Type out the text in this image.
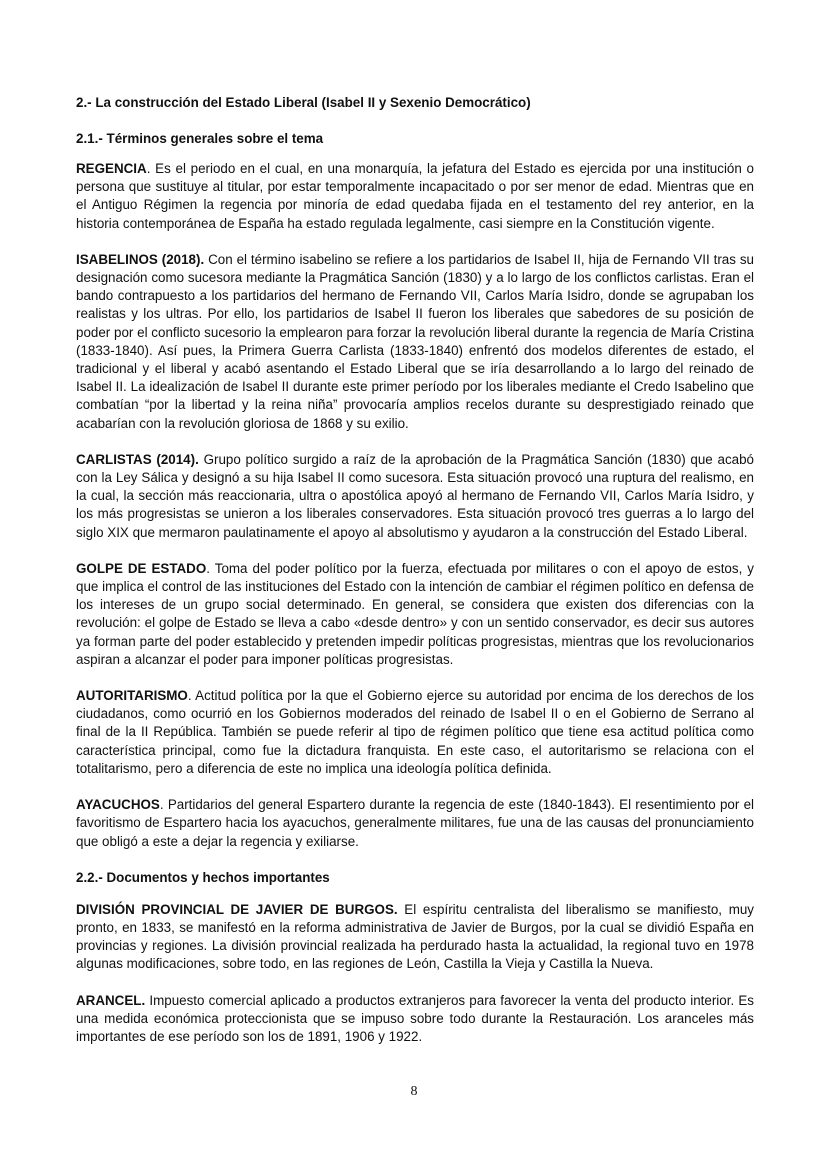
2.- La construcción del Estado Liberal (Isabel II y Sexenio Democrático)

2.1.- Términos generales sobre el tema

REGENCIA. Es el periodo en el cual, en una monarquía, la jefatura del Estado es ejercida por una institución o persona que sustituye al titular, por estar temporalmente incapacitado o por ser menor de edad. Mientras que en el Antiguo Régimen la regencia por minoría de edad quedaba fijada en el testamento del rey anterior, en la historia contemporánea de España ha estado regulada legalmente, casi siempre en la Constitución vigente.

ISABELINOS (2018). Con el término isabelino se refiere a los partidarios de Isabel II, hija de Fernando VII tras su designación como sucesora mediante la Pragmática Sanción (1830) y a lo largo de los conflictos carlistas. Eran el bando contrapuesto a los partidarios del hermano de Fernando VII, Carlos María Isidro, donde se agrupaban los realistas y los ultras. Por ello, los partidarios de Isabel II fueron los liberales que sabedores de su posición de poder por el conflicto sucesorio la emplearon para forzar la revolución liberal durante la regencia de María Cristina (1833-1840). Así pues, la Primera Guerra Carlista (1833-1840) enfrentó dos modelos diferentes de estado, el tradicional y el liberal y acabó asentando el Estado Liberal que se iría desarrollando a lo largo del reinado de Isabel II. La idealización de Isabel II durante este primer período por los liberales mediante el Credo Isabelino que combatían “por la libertad y la reina niña” provocaría amplios recelos durante su desprestigiado reinado que acabarían con la revolución gloriosa de 1868 y su exilio.

CARLISTAS (2014). Grupo político surgido a raíz de la aprobación de la Pragmática Sanción (1830) que acabó con la Ley Sálica y designó a su hija Isabel II como sucesora. Esta situación provocó una ruptura del realismo, en la cual, la sección más reaccionaria, ultra o apostólica apoyó al hermano de Fernando VII, Carlos María Isidro, y los más progresistas se unieron a los liberales conservadores. Esta situación provocó tres guerras a lo largo del siglo XIX que mermaron paulatinamente el apoyo al absolutismo y ayudaron a la construcción del Estado Liberal.

GOLPE DE ESTADO. Toma del poder político por la fuerza, efectuada por militares o con el apoyo de estos, y que implica el control de las instituciones del Estado con la intención de cambiar el régimen político en defensa de los intereses de un grupo social determinado. En general, se considera que existen dos diferencias con la revolución: el golpe de Estado se lleva a cabo «desde dentro» y con un sentido conservador, es decir sus autores ya forman parte del poder establecido y pretenden impedir políticas progresistas, mientras que los revolucionarios aspiran a alcanzar el poder para imponer políticas progresistas.

AUTORITARISMO. Actitud política por la que el Gobierno ejerce su autoridad por encima de los derechos de los ciudadanos, como ocurrió en los Gobiernos moderados del reinado de Isabel II o en el Gobierno de Serrano al final de la II República. También se puede referir al tipo de régimen político que tiene esa actitud política como característica principal, como fue la dictadura franquista. En este caso, el autoritarismo se relaciona con el totalitarismo, pero a diferencia de este no implica una ideología política definida.

AYACUCHOS. Partidarios del general Espartero durante la regencia de este (1840-1843). El resentimiento por el favoritismo de Espartero hacia los ayacuchos, generalmente militares, fue una de las causas del pronunciamiento que obligó a este a dejar la regencia y exiliarse.

2.2.- Documentos y hechos importantes

DIVISIÓN PROVINCIAL DE JAVIER DE BURGOS. El espíritu centralista del liberalismo se manifiesto, muy pronto, en 1833, se manifestó en la reforma administrativa de Javier de Burgos, por la cual se dividió España en provincias y regiones. La división provincial realizada ha perdurado hasta la actualidad, la regional tuvo en 1978 algunas modificaciones, sobre todo, en las regiones de León, Castilla la Vieja y Castilla la Nueva.

ARANCEL. Impuesto comercial aplicado a productos extranjeros para favorecer la venta del producto interior. Es una medida económica proteccionista que se impuso sobre todo durante la Restauración. Los aranceles más importantes de ese período son los de 1891, 1906 y 1922.

8
